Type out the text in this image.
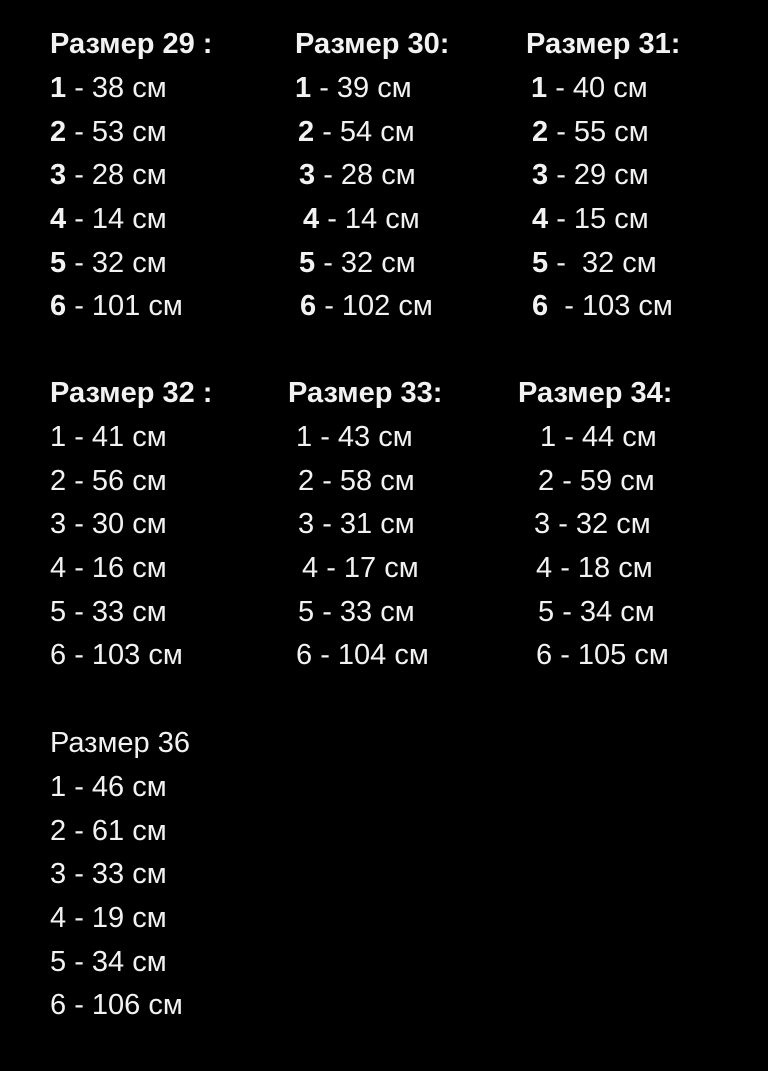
Размер 29 :
1 - 38 см
2 - 53 см
3 - 28 см
4 - 14 см
5 - 32 см
6 - 101 см
Размер 30:
1 - 39 см
2 - 54 см
3 - 28 см
4 - 14 см
5 - 32 см
6 - 102 см
Размер 31:
1 - 40 см
2 - 55 см
3 - 29 см
4 - 15 см
5 -  32 см
6  - 103 см
Размер 32 :
1 - 41 см
2 - 56 см
3 - 30 см
4 - 16 см
5 - 33 см
6 - 103 см
Размер 33:
1 - 43 см
2 - 58 см
3 - 31 см
4 - 17 см
5 - 33 см
6 - 104 см
Размер 34:
1 - 44 см
2 - 59 см
3 - 32 см
4 - 18 см
5 - 34 см
6 - 105 см
Размер 36
1 - 46 см
2 - 61 см
3 - 33 см
4 - 19 см
5 - 34 см
6 - 106 см
